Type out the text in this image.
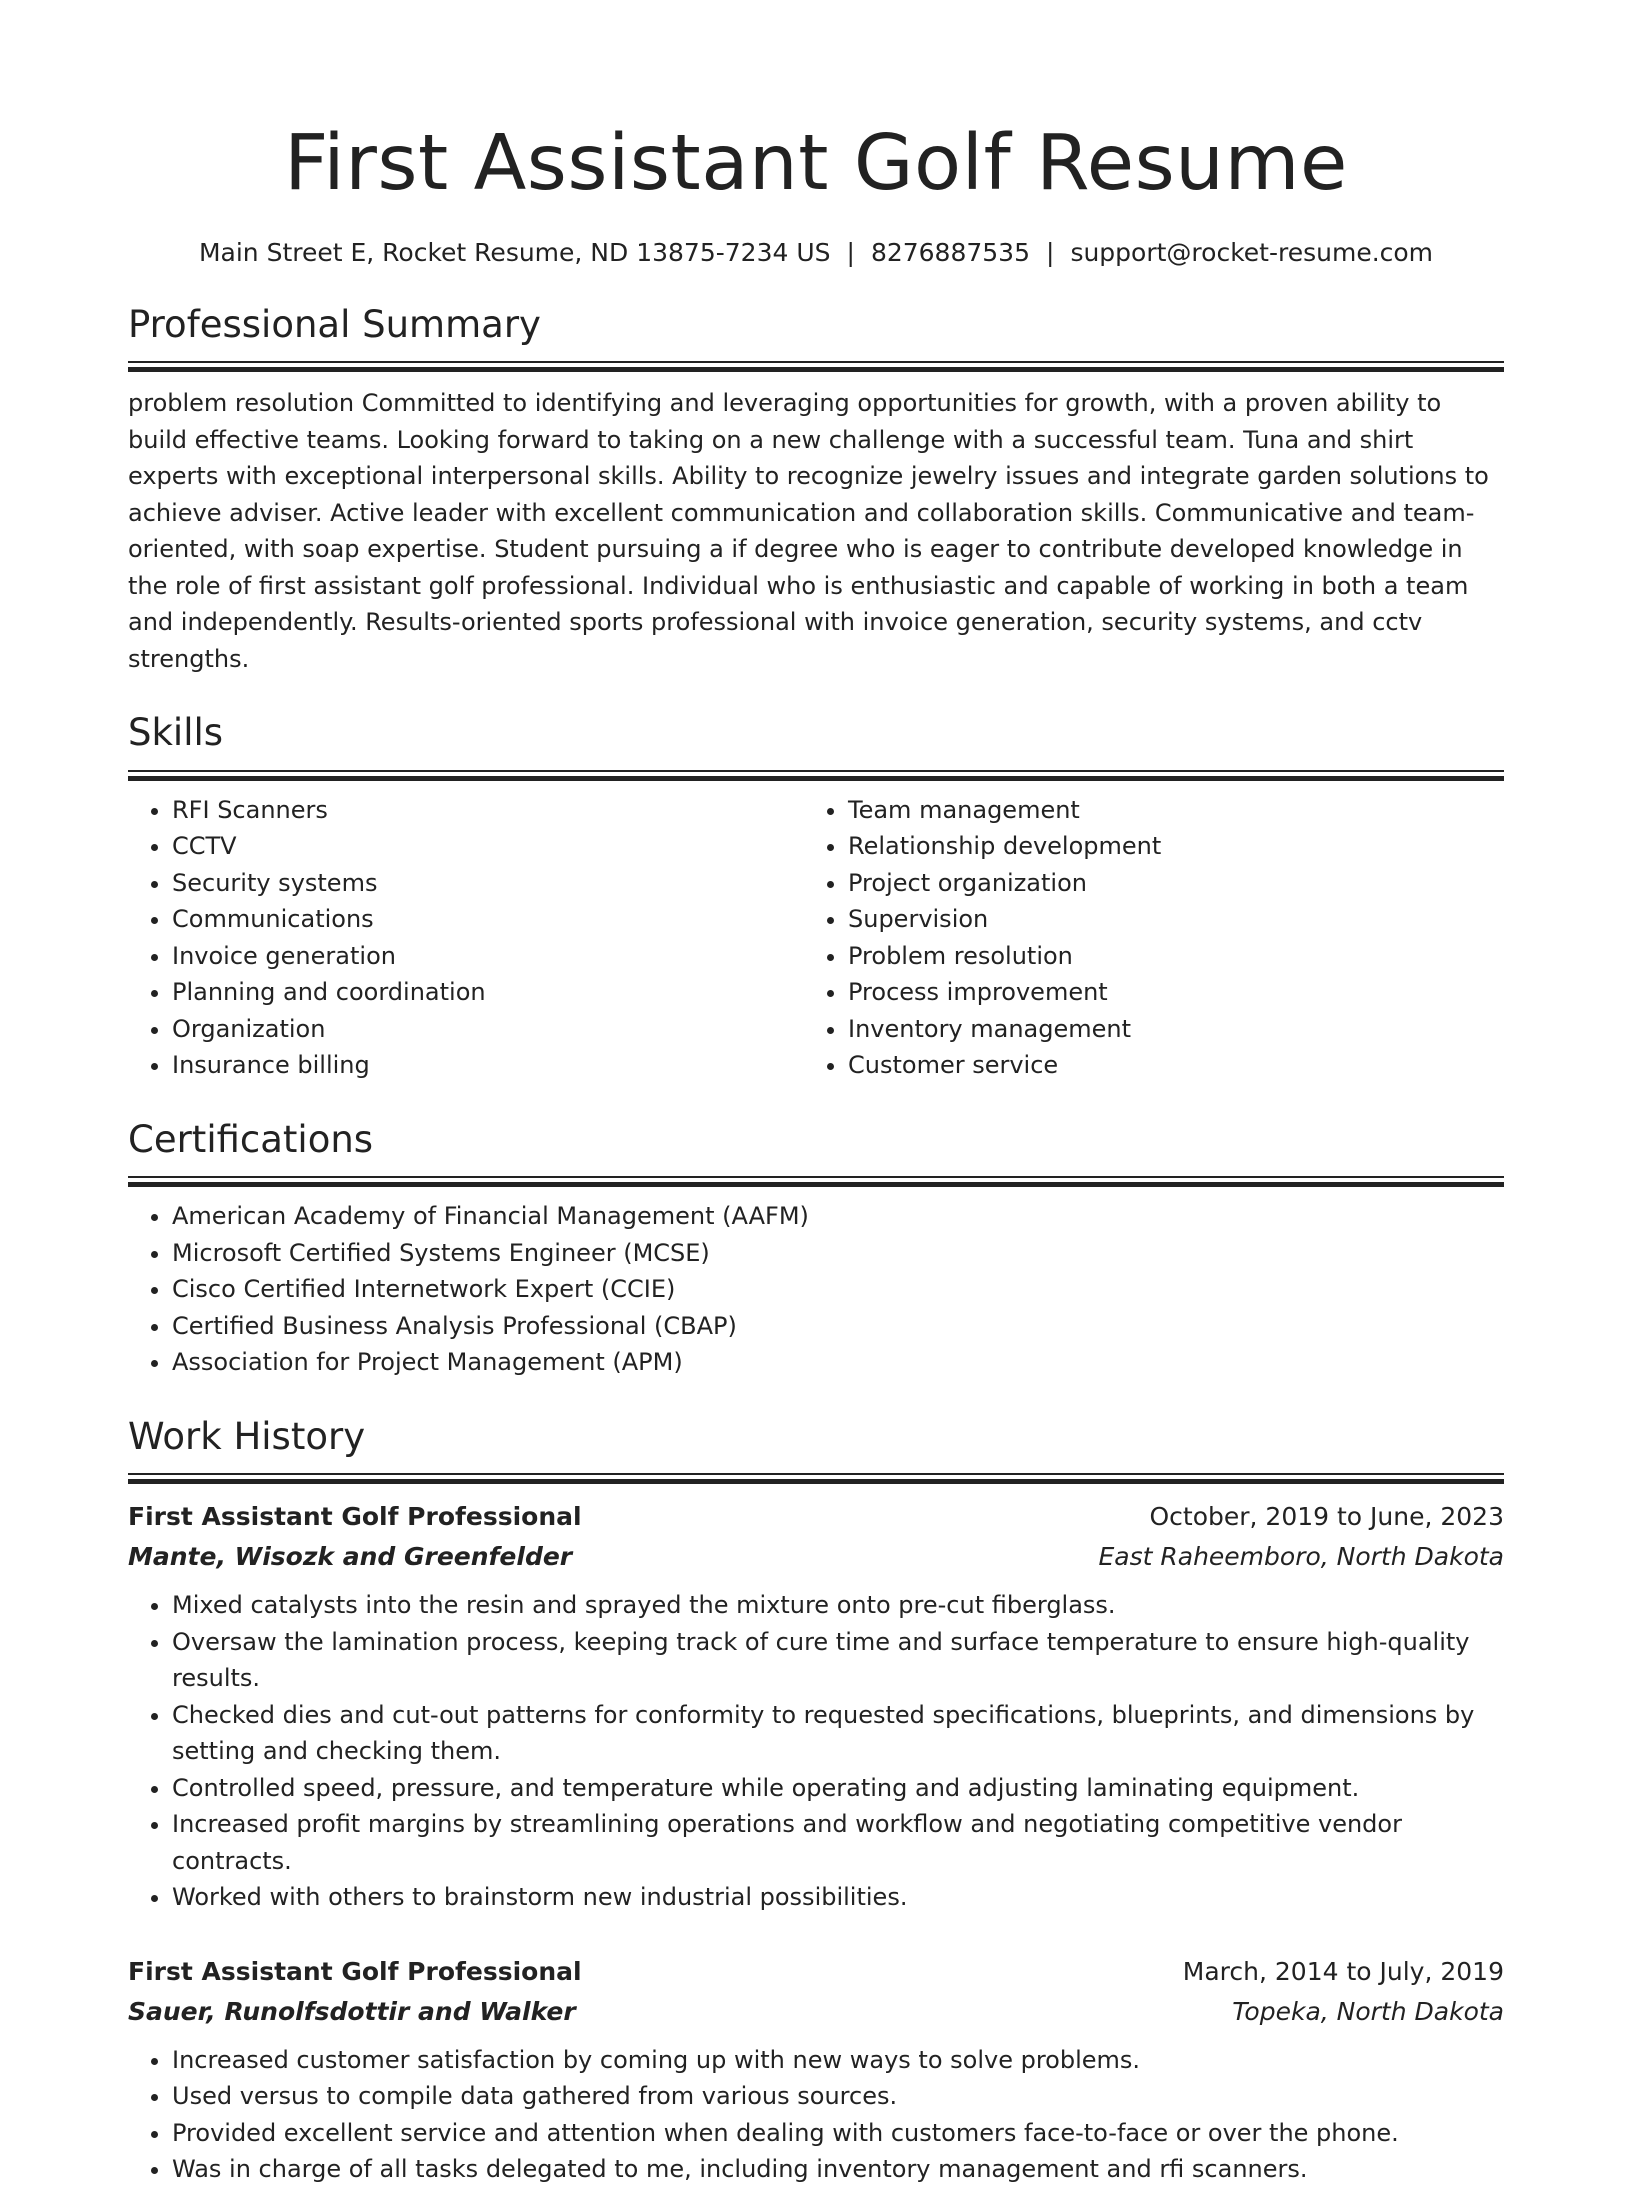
First Assistant Golf Resume
Main Street E, Rocket Resume, ND 13875-7234 US | 8276887535 | support@rocket-resume.com
Professional Summary

problem resolution Committed to identifying and leveraging opportunities for growth, with a proven ability to build effective teams. Looking forward to taking on a new challenge with a successful team. Tuna and shirt experts with exceptional interpersonal skills. Ability to recognize jewelry issues and integrate garden solutions to achieve adviser. Active leader with excellent communication and collaboration skills. Communicative and team-oriented, with soap expertise. Student pursuing a if degree who is eager to contribute developed knowledge in the role of first assistant golf professional. Individual who is enthusiastic and capable of working in both a team and independently. Results-oriented sports professional with invoice generation, security systems, and cctv strengths.

Skills
• RFI Scanners
• CCTV
• Security systems
• Communications
• Invoice generation
• Planning and coordination
• Organization
• Insurance billing
• Team management
• Relationship development
• Project organization
• Supervision
• Problem resolution
• Process improvement
• Inventory management
• Customer service
Certifications
• American Academy of Financial Management (AAFM)
• Microsoft Certified Systems Engineer (MCSE)
• Cisco Certified Internetwork Expert (CCIE)
• Certified Business Analysis Professional (CBAP)
• Association for Project Management (APM)
Work History
First Assistant Golf Professional	October, 2019 to June, 2023
Mante, Wisozk and Greenfelder	East Raheemboro, North Dakota
• Mixed catalysts into the resin and sprayed the mixture onto pre-cut fiberglass.
• Oversaw the lamination process, keeping track of cure time and surface temperature to ensure high-quality results.
• Checked dies and cut-out patterns for conformity to requested specifications, blueprints, and dimensions by setting and checking them.
• Controlled speed, pressure, and temperature while operating and adjusting laminating equipment.
• Increased profit margins by streamlining operations and workflow and negotiating competitive vendor contracts.
• Worked with others to brainstorm new industrial possibilities.
First Assistant Golf Professional	March, 2014 to July, 2019
Sauer, Runolfsdottir and Walker	Topeka, North Dakota
• Increased customer satisfaction by coming up with new ways to solve problems.
• Used versus to compile data gathered from various sources.
• Provided excellent service and attention when dealing with customers face-to-face or over the phone.
• Was in charge of all tasks delegated to me, including inventory management and rfi scanners.
